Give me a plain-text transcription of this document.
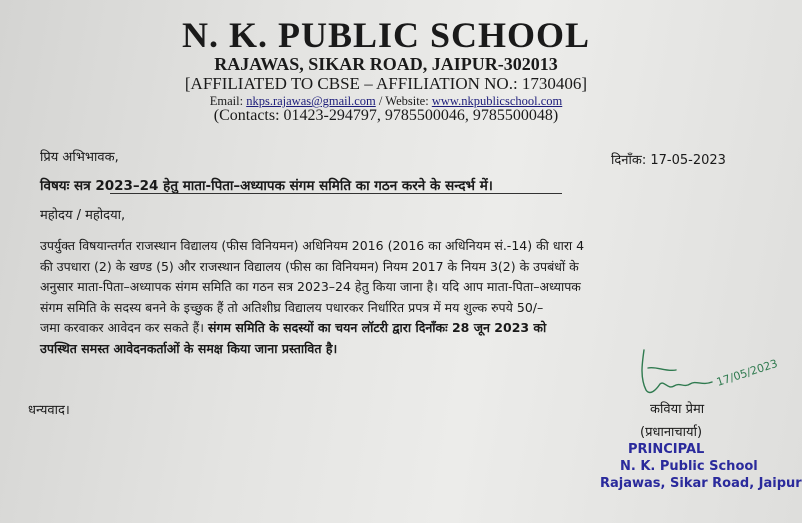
N. K. PUBLIC SCHOOL
RAJAWAS, SIKAR ROAD, JAIPUR-302013
[AFFILIATED TO CBSE – AFFILIATION NO.: 1730406]
Email: nkps.rajawas@gmail.com / Website: www.nkpublicschool.com
(Contacts: 01423-294797, 9785500046, 9785500048)
प्रिय अभिभावक,	दिनाँक: 17-05-2023
विषयः सत्र 2023–24 हेतु माता-पिता–अध्यापक संगम समिति का गठन करने के सन्दर्भ में।
महोदय / महोदया,
उपर्युक्त विषयान्तर्गत राजस्थान विद्यालय (फीस विनियमन) अधिनियम 2016 (2016 का अधिनियम सं.-14) की धारा 4
की उपधारा (2) के खण्ड (5) और राजस्थान विद्यालय (फीस का विनियमन) नियम 2017 के नियम 3(2) के उपबंधों के
अनुसार माता-पिता–अध्यापक संगम समिति का गठन सत्र 2023–24 हेतु किया जाना है। यदि आप माता-पिता–अध्यापक
संगम समिति के सदस्य बनने के इच्छुक हैं तो अतिशीघ्र विद्यालय पधारकर निर्धारित प्रपत्र में मय शुल्क रुपये 50/–
जमा करवाकर आवेदन कर सकते हैं। संगम समिति के सदस्यों का चयन लॉटरी द्वारा दिनाँकः 28 जून 2023 को
उपस्थित समस्त आवेदनकर्ताओं के समक्ष किया जाना प्रस्तावित है।
धन्यवाद।
17/05/2023
कविया प्रेमा
(प्रधानाचार्या)
PRINCIPAL
N. K. Public School
Rajawas, Sikar Road, Jaipur
